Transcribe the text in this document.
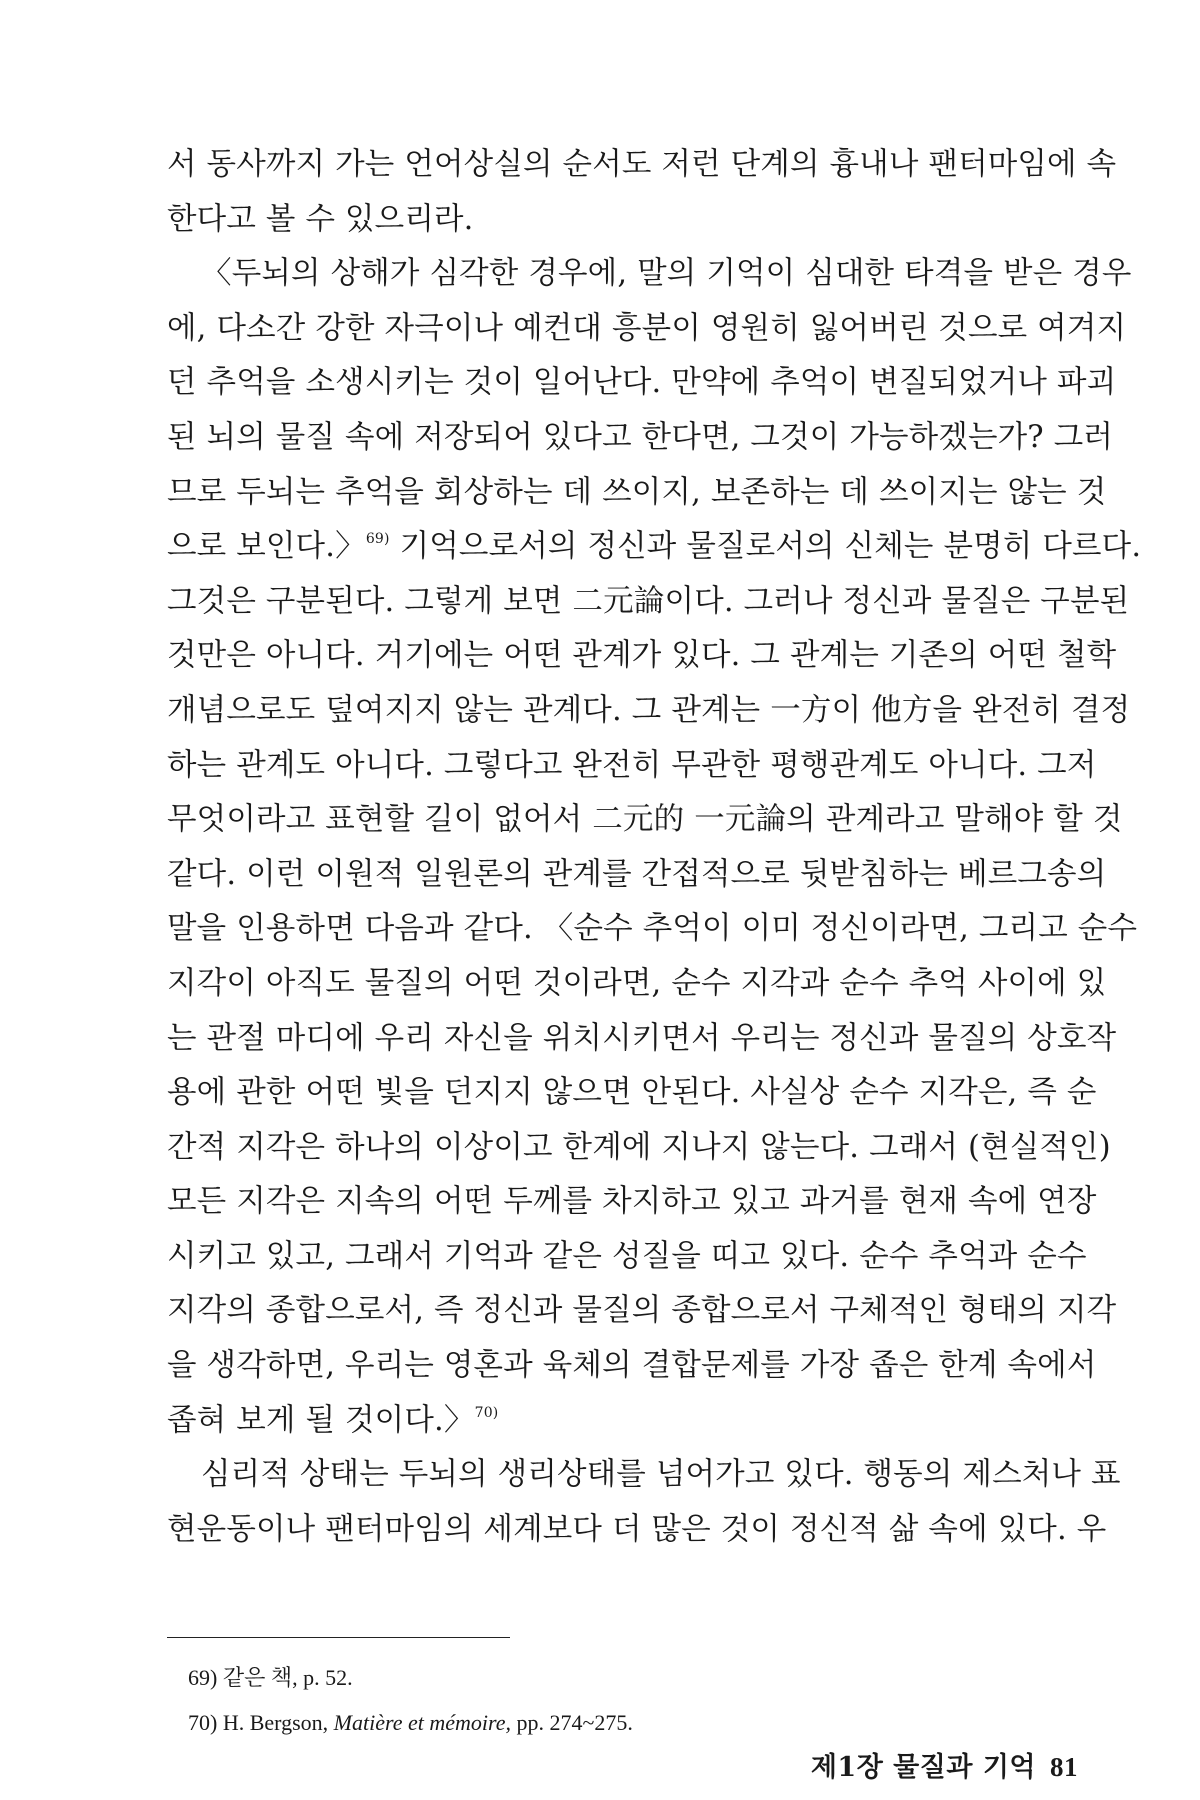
서 동사까지 가는 언어상실의 순서도 저런 단계의 흉내나 팬터마임에 속
한다고 볼 수 있으리라.
〈두뇌의 상해가 심각한 경우에, 말의 기억이 심대한 타격을 받은 경우
에, 다소간 강한 자극이나 예컨대 흥분이 영원히 잃어버린 것으로 여겨지
던 추억을 소생시키는 것이 일어난다. 만약에 추억이 변질되었거나 파괴
된 뇌의 물질 속에 저장되어 있다고 한다면, 그것이 가능하겠는가? 그러
므로 두뇌는 추억을 회상하는 데 쓰이지, 보존하는 데 쓰이지는 않는 것
으로 보인다.〉$^{69)}$ 기억으로서의 정신과 물질로서의 신체는 분명히 다르다.
그것은 구분된다. 그렇게 보면 二元論이다. 그러나 정신과 물질은 구분된
것만은 아니다. 거기에는 어떤 관계가 있다. 그 관계는 기존의 어떤 철학
개념으로도 덮여지지 않는 관계다. 그 관계는 一方이 他方을 완전히 결정
하는 관계도 아니다. 그렇다고 완전히 무관한 평행관계도 아니다. 그저
무엇이라고 표현할 길이 없어서 二元的 一元論의 관계라고 말해야 할 것
같다. 이런 이원적 일원론의 관계를 간접적으로 뒷받침하는 베르그송의
말을 인용하면 다음과 같다. 〈순수 추억이 이미 정신이라면, 그리고 순수
지각이 아직도 물질의 어떤 것이라면, 순수 지각과 순수 추억 사이에 있
는 관절 마디에 우리 자신을 위치시키면서 우리는 정신과 물질의 상호작
용에 관한 어떤 빛을 던지지 않으면 안된다. 사실상 순수 지각은, 즉 순
간적 지각은 하나의 이상이고 한계에 지나지 않는다. 그래서 (현실적인)
모든 지각은 지속의 어떤 두께를 차지하고 있고 과거를 현재 속에 연장
시키고 있고, 그래서 기억과 같은 성질을 띠고 있다. 순수 추억과 순수
지각의 종합으로서, 즉 정신과 물질의 종합으로서 구체적인 형태의 지각
을 생각하면, 우리는 영혼과 육체의 결합문제를 가장 좁은 한계 속에서
좁혀 보게 될 것이다.〉$^{70)}$
심리적 상태는 두뇌의 생리상태를 넘어가고 있다. 행동의 제스처나 표
현운동이나 팬터마임의 세계보다 더 많은 것이 정신적 삶 속에 있다. 우
69) 같은 책, p. 52.
70) H. Bergson, Matière et mémoire, pp. 274~275.
제1장 물질과 기억 81
